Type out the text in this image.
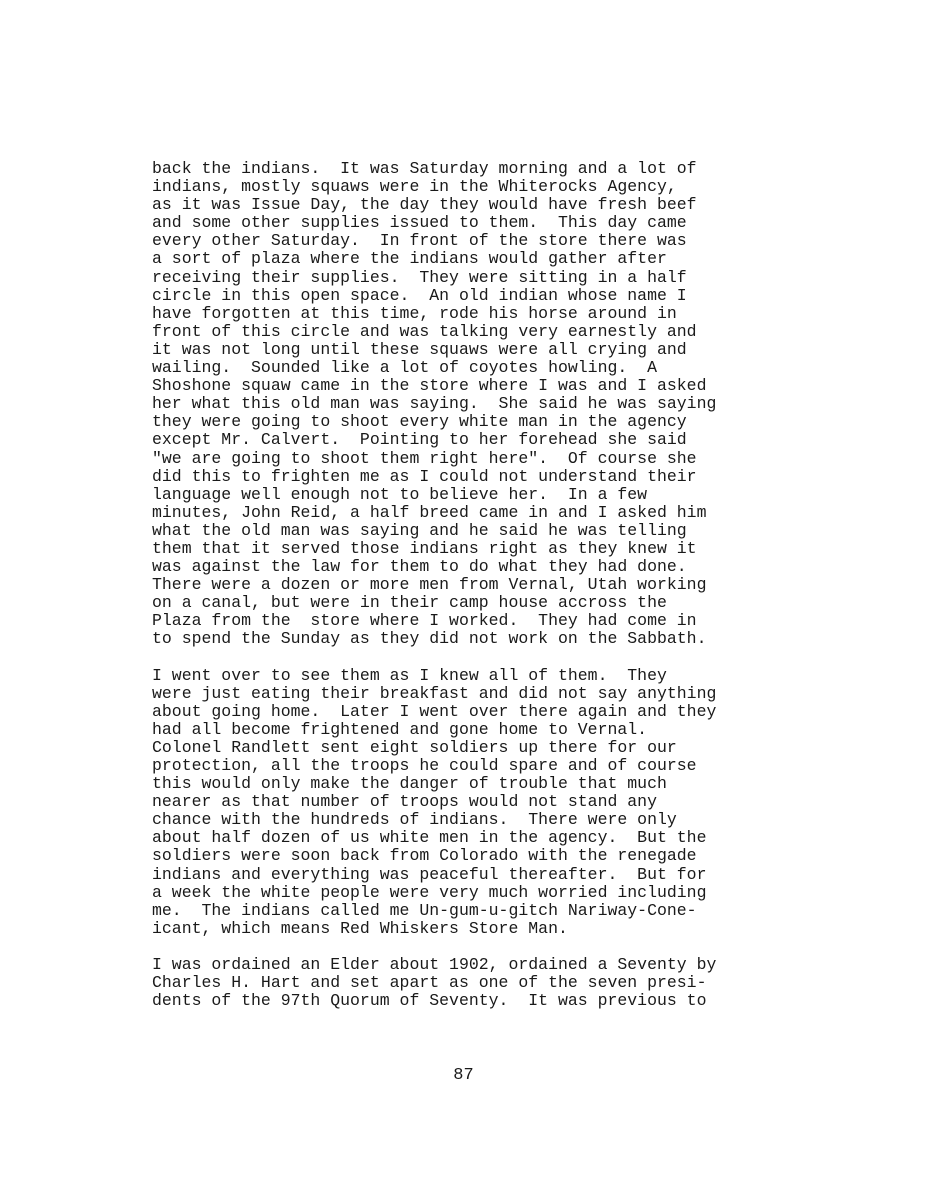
back the indians.  It was Saturday morning and a lot of
indians, mostly squaws were in the Whiterocks Agency,
as it was Issue Day, the day they would have fresh beef
and some other supplies issued to them.  This day came
every other Saturday.  In front of the store there was
a sort of plaza where the indians would gather after
receiving their supplies.  They were sitting in a half
circle in this open space.  An old indian whose name I
have forgotten at this time, rode his horse around in
front of this circle and was talking very earnestly and
it was not long until these squaws were all crying and
wailing.  Sounded like a lot of coyotes howling.  A
Shoshone squaw came in the store where I was and I asked
her what this old man was saying.  She said he was saying
they were going to shoot every white man in the agency
except Mr. Calvert.  Pointing to her forehead she said
"we are going to shoot them right here".  Of course she
did this to frighten me as I could not understand their
language well enough not to believe her.  In a few
minutes, John Reid, a half breed came in and I asked him
what the old man was saying and he said he was telling
them that it served those indians right as they knew it
was against the law for them to do what they had done.
There were a dozen or more men from Vernal, Utah working
on a canal, but were in their camp house accross the
Plaza from the  store where I worked.  They had come in
to spend the Sunday as they did not work on the Sabbath.
I went over to see them as I knew all of them.  They
were just eating their breakfast and did not say anything
about going home.  Later I went over there again and they
had all become frightened and gone home to Vernal.
Colonel Randlett sent eight soldiers up there for our
protection, all the troops he could spare and of course
this would only make the danger of trouble that much
nearer as that number of troops would not stand any
chance with the hundreds of indians.  There were only
about half dozen of us white men in the agency.  But the
soldiers were soon back from Colorado with the renegade
indians and everything was peaceful thereafter.  But for
a week the white people were very much worried including
me.  The indians called me Un-gum-u-gitch Nariway-Cone-
icant, which means Red Whiskers Store Man.
I was ordained an Elder about 1902, ordained a Seventy by
Charles H. Hart and set apart as one of the seven presi-
dents of the 97th Quorum of Seventy.  It was previous to
87
